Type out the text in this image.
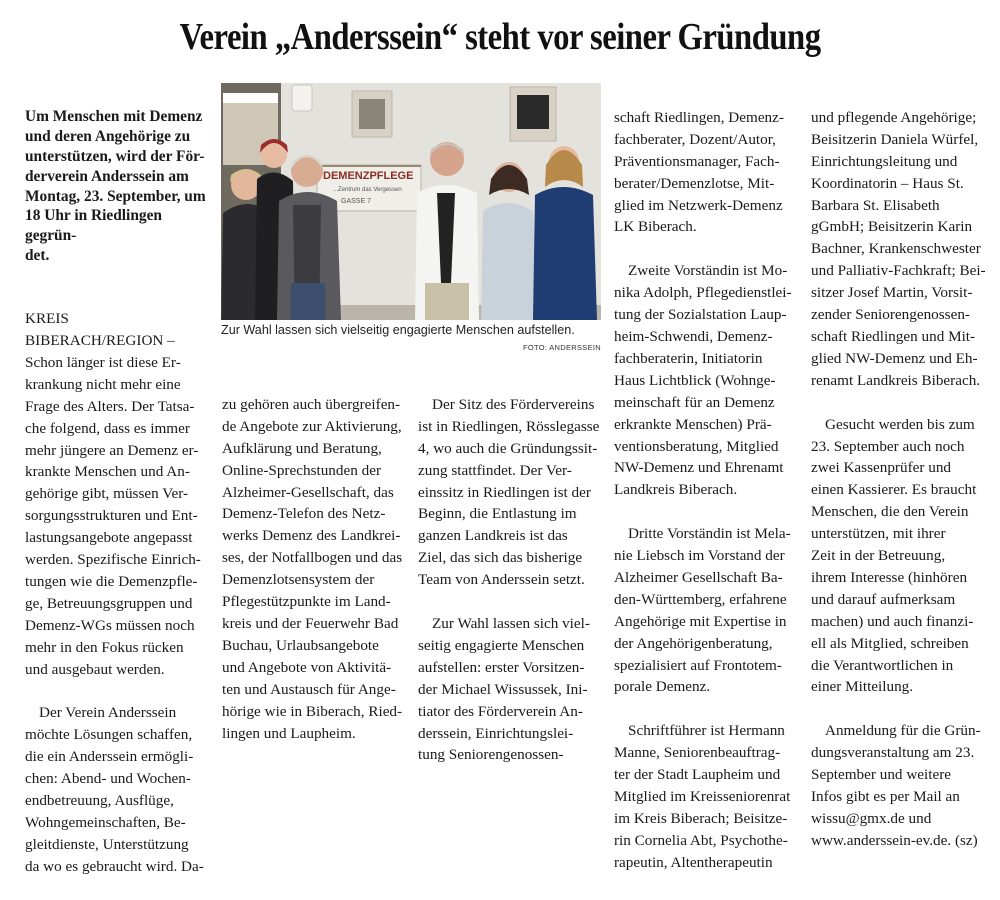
Verein „Anderssein“ steht vor seiner Gründung

Um Menschen mit Demenz
und deren Angehörige zu
unterstützen, wird der För-
derverein Anderssein am
Montag, 23. September, um
18 Uhr in Riedlingen gegrün-
det.

KREIS BIBERACH/REGION –
Schon länger ist diese Er-
krankung nicht mehr eine
Frage des Alters. Der Tatsa-
che folgend, dass es immer
mehr jüngere an Demenz er-
krankte Menschen und An-
gehörige gibt, müssen Ver-
sorgungsstrukturen und Ent-
lastungsangebote angepasst
werden. Spezifische Einrich-
tungen wie die Demenzpfle-
ge, Betreuungsgruppen und
Demenz-WGs müssen noch
mehr in den Fokus rücken
und ausgebaut werden.

Der Verein Anderssein
möchte Lösungen schaffen,
die ein Anderssein ermögli-
chen: Abend- und Wochen-
endbetreuung, Ausflüge,
Wohngemeinschaften, Be-
gleitdienste, Unterstützung
da wo es gebraucht wird. Da-

DEMENZPFLEGE
...Zentrum das Vergessen
GASSE 7
Zur Wahl lassen sich vielseitig engagierte Menschen aufstellen.
FOTO: ANDERSSEIN

zu gehören auch übergreifen-
de Angebote zur Aktivierung,
Aufklärung und Beratung,
Online-Sprechstunden der
Alzheimer-Gesellschaft, das
Demenz-Telefon des Netz-
werks Demenz des Landkrei-
ses, der Notfallbogen und das
Demenzlotsensystem der
Pflegestützpunkte im Land-
kreis und der Feuerwehr Bad
Buchau, Urlaubsangebote
und Angebote von Aktivitä-
ten und Austausch für Ange-
hörige wie in Biberach, Ried-
lingen und Laupheim.

Der Sitz des Fördervereins
ist in Riedlingen, Rösslegasse
4, wo auch die Gründungssit-
zung stattfindet. Der Ver-
einssitz in Riedlingen ist der
Beginn, die Entlastung im
ganzen Landkreis ist das
Ziel, das sich das bisherige
Team von Anderssein setzt.

Zur Wahl lassen sich viel-
seitig engagierte Menschen
aufstellen: erster Vorsitzen-
der Michael Wissussek, Ini-
tiator des Förderverein An-
derssein, Einrichtungslei-
tung Seniorengenossen-

schaft Riedlingen, Demenz-
fachberater, Dozent/Autor,
Präventionsmanager, Fach-
berater/Demenzlotse, Mit-
glied im Netzwerk-Demenz
LK Biberach.

Zweite Vorständin ist Mo-
nika Adolph, Pflegedienstlei-
tung der Sozialstation Laup-
heim-Schwendi, Demenz-
fachberaterin, Initiatorin
Haus Lichtblick (Wohnge-
meinschaft für an Demenz
erkrankte Menschen) Prä-
ventionsberatung, Mitglied
NW-Demenz und Ehrenamt
Landkreis Biberach.

Dritte Vorständin ist Mela-
nie Liebsch im Vorstand der
Alzheimer Gesellschaft Ba-
den-Württemberg, erfahrene
Angehörige mit Expertise in
der Angehörigenberatung,
spezialisiert auf Frontotem-
porale Demenz.

Schriftführer ist Hermann
Manne, Seniorenbeauftrag-
ter der Stadt Laupheim und
Mitglied im Kreisseniorenrat
im Kreis Biberach; Beisitze-
rin Cornelia Abt, Psychothe-
rapeutin, Altentherapeutin

und pflegende Angehörige;
Beisitzerin Daniela Würfel,
Einrichtungsleitung und
Koordinatorin – Haus St.
Barbara St. Elisabeth
gGmbH; Beisitzerin Karin
Bachner, Krankenschwester
und Palliativ-Fachkraft; Bei-
sitzer Josef Martin, Vorsit-
zender Seniorengenossen-
schaft Riedlingen und Mit-
glied NW-Demenz und Eh-
renamt Landkreis Biberach.

Gesucht werden bis zum
23. September auch noch
zwei Kassenprüfer und
einen Kassierer. Es braucht
Menschen, die den Verein
unterstützen, mit ihrer
Zeit in der Betreuung,
ihrem Interesse (hinhören
und darauf aufmerksam
machen) und auch finanzi-
ell als Mitglied, schreiben
die Verantwortlichen in
einer Mitteilung.

Anmeldung für die Grün-
dungsveranstaltung am 23.
September und weitere
Infos gibt es per Mail an
wissu@gmx.de und
www.anderssein-ev.de. (sz)
